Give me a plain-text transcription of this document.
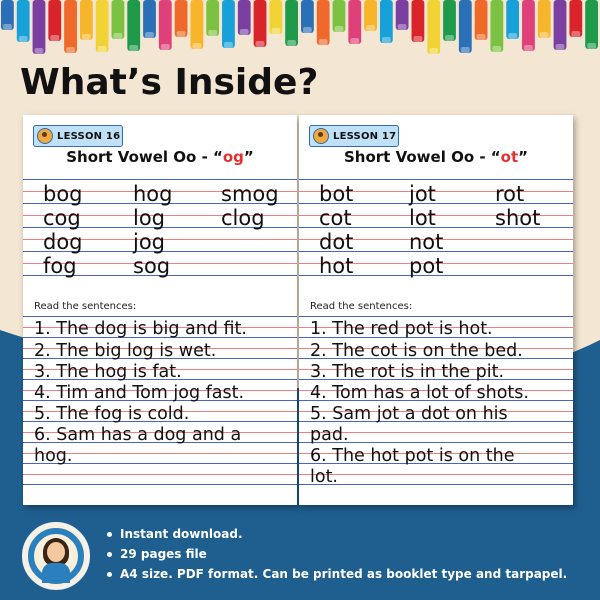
What’s Inside?
LESSON 16
Short Vowel Oo - “og”
bog hog smog
cog log	clog
dog jog
fog	sog
Read the sentences:
1. The dog is big and fit.
2. The big log is wet.
3. The hog is fat.
4. Tim and Tom jog fast.
5. The fog is cold.
6. Sam has a dog and a
hog.
LESSON 17
Short Vowel Oo - “ot”
bot	jot	rot
cot	lot	shot
dot	not
hot	pot
Read the sentences:
1. The red pot is hot.
2. The cot is on the bed.
3. The rot is in the pit.
4. Tom has a lot of shots.
5. Sam jot a dot on his
pad.
6. The hot pot is on the
lot.
Instant download.
29 pages file
A4 size. PDF format. Can be printed as booklet type and tarpapel.
